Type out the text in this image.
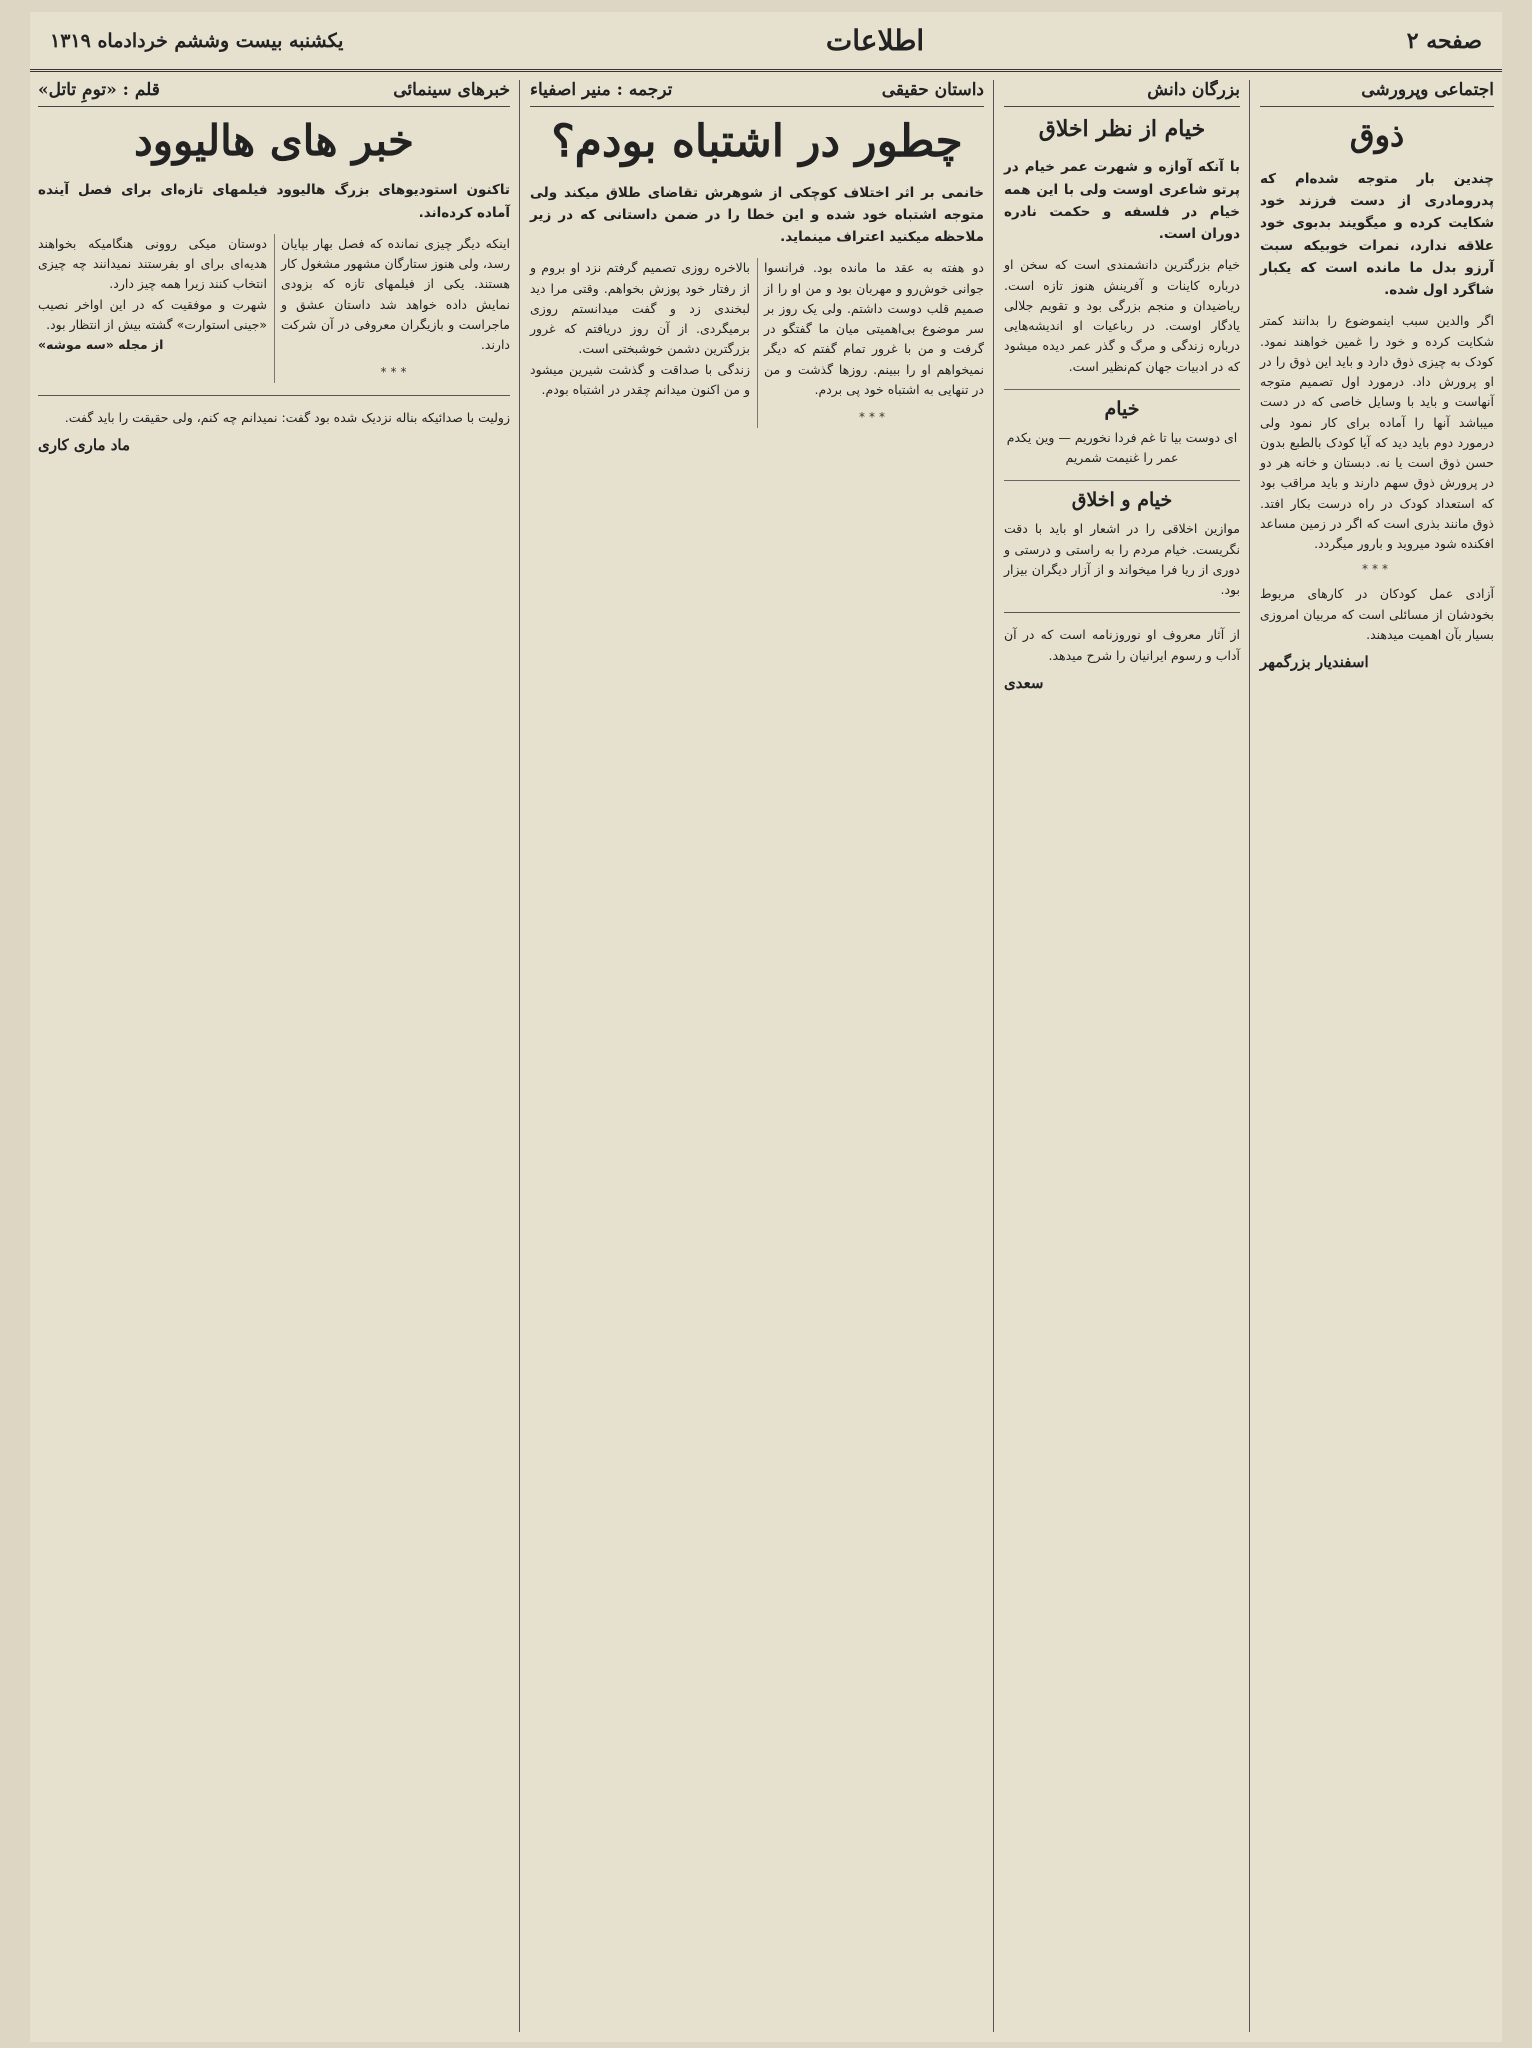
صفحه ۲
اطلاعات
یکشنبه بیست وششم خردادماه ۱۳۱۹
اجتماعی وپرورشی
ذوق
چندین بار متوجه شده‌ام که پدرومادری از دست فرزند خود شکایت کرده و میگویند بدبوی خود علاقه ندارد، نمرات خوبیکه سبت آرزو بدل ما مانده است که یکبار شاگرد اول شده.
اگر والدین سبب اینموضوع را بدانند کمتر شکایت کرده و خود را غمین خواهند نمود. کودک به چیزی ذوق دارد و باید این ذوق را در او پرورش داد. درمورد اول تصمیم متوجه آنهاست و باید با وسایل خاصی که در دست میباشد آنها را آماده برای کار نمود ولی درمورد دوم باید دید که آیا کودک بالطبع بدون حسن ذوق است یا نه. دبستان و خانه هر دو در پرورش ذوق سهم دارند و باید مراقب بود که استعداد کودک در راه درست بکار افتد. ذوق مانند بذری است که اگر در زمین مساعد افکنده شود میروید و بارور میگردد.
***
آزادی عمل کودکان در کارهای مربوط بخودشان از مسائلی است که مربیان امروزی بسیار بآن اهمیت میدهند.
اسفندیار بزرگمهر
بزرگان دانش
خیام از نظر اخلاق
با آنکه آوازه و شهرت عمر خیام در پرتو شاعری اوست ولی با این همه خیام در فلسفه و حکمت نادره دوران است.
خیام بزرگترین دانشمندی است که سخن او درباره کاینات و آفرینش هنوز تازه است. ریاضیدان و منجم بزرگی بود و تقویم جلالی یادگار اوست. در رباعیات او اندیشه‌هایی درباره زندگی و مرگ و گذر عمر دیده میشود که در ادبیات جهان کم‌نظیر است.
خیام
ای دوست بیا تا غم فردا نخوریم — وین یکدم عمر را غنیمت شمریم
خیام و اخلاق
موازین اخلاقی را در اشعار او باید با دقت نگریست. خیام مردم را به راستی و درستی و دوری از ریا فرا میخواند و از آزار دیگران بیزار بود.
از آثار معروف او نوروزنامه است که در آن آداب و رسوم ایرانیان را شرح میدهد.
سعدی
داستان حقیقی
ترجمه : منیر اصفیاء
چطور در اشتباه بودم؟
خانمی بر اثر اختلاف کوچکی از شوهرش تقاضای طلاق میکند ولی متوجه اشتباه خود شده و این خطا را در ضمن داستانی که در زیر ملاحظه میکنید اعتراف مینماید.
دو هفته به عقد ما مانده بود. فرانسوا جوانی خوش‌رو و مهربان بود و من او را از صمیم قلب دوست داشتم. ولی یک روز بر سر موضوع بی‌اهمیتی میان ما گفتگو در گرفت و من با غرور تمام گفتم که دیگر نمیخواهم او را ببینم. روزها گذشت و من در تنهایی به اشتباه خود پی بردم.
***
بالاخره روزی تصمیم گرفتم نزد او بروم و از رفتار خود پوزش بخواهم. وقتی مرا دید لبخندی زد و گفت میدانستم روزی برمیگردی. از آن روز دریافتم که غرور بزرگترین دشمن خوشبختی است.
زندگی با صداقت و گذشت شیرین میشود و من اکنون میدانم چقدر در اشتباه بودم.
خبرهای سینمائی
قلم : «تومِ تاتل»
خبر های هالیوود
تاکنون استودیوهای بزرگ هالیوود فیلمهای تازه‌ای برای فصل آینده آماده کرده‌اند.
اینکه دیگر چیزی نمانده که فصل بهار بپایان رسد، ولی هنوز ستارگان مشهور مشغول کار هستند. یکی از فیلمهای تازه که بزودی نمایش داده خواهد شد داستان عشق و ماجراست و بازیگران معروفی در آن شرکت دارند.
***
دوستان میکی روونی هنگامیکه بخواهند هدیه‌ای برای او بفرستند نمیدانند چه چیزی انتخاب کنند زیرا همه چیز دارد.
شهرت و موفقیت که در این اواخر نصیب «جینی استوارت» گشته بیش از انتظار بود.
از مجله «سه موشه»
زولیت با صدائیکه بناله نزدیک شده بود گفت: نمیدانم چه کنم، ولی حقیقت را باید گفت.
ماد ماری کاری
